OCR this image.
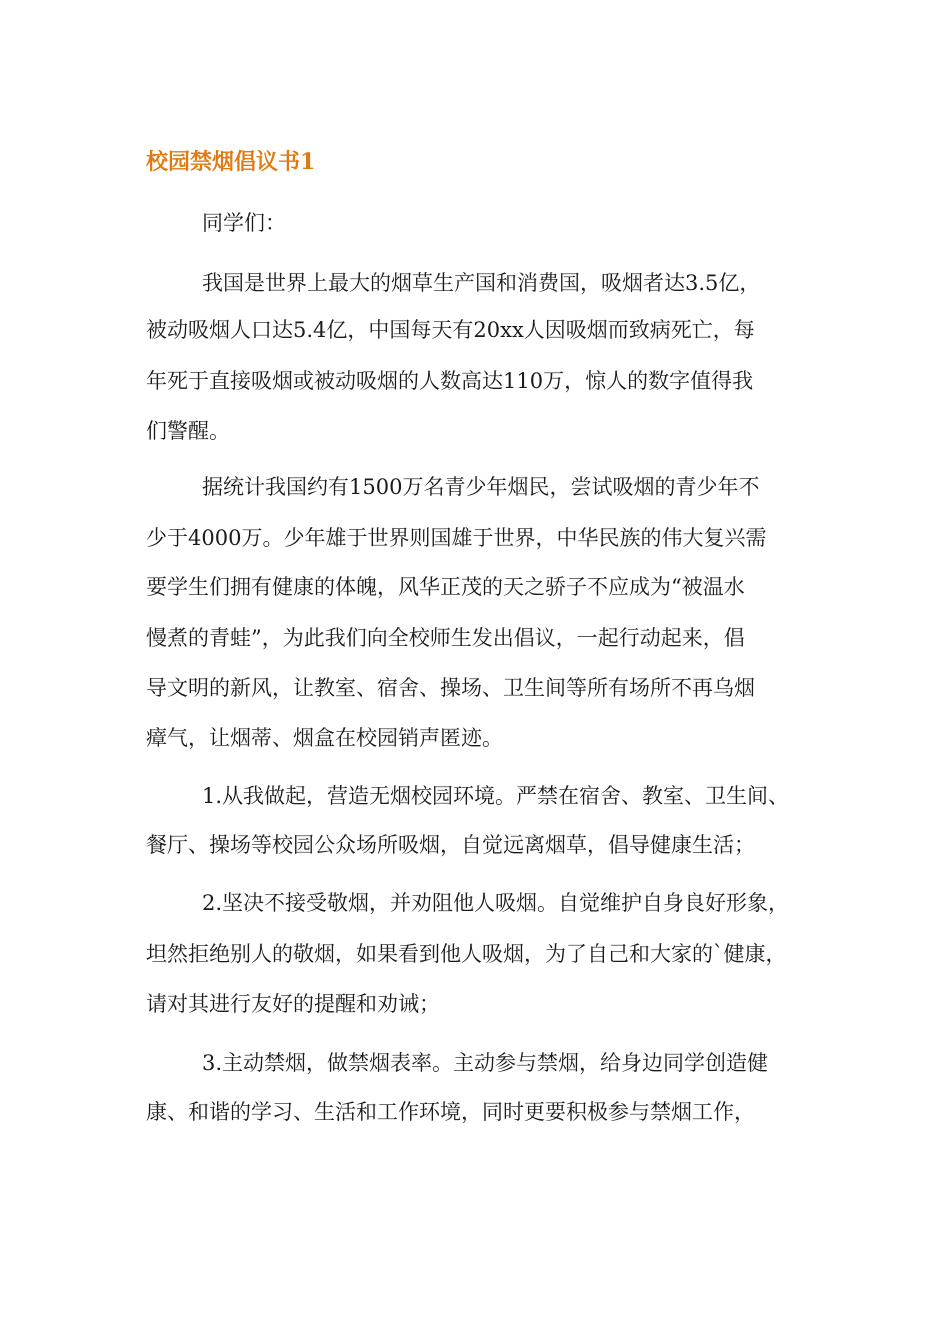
校园禁烟倡议书1
同学们：
我国是世界上最大的烟草生产国和消费国，吸烟者达3.5亿，
被动吸烟人口达5.4亿，中国每天有20xx人因吸烟而致病死亡，每
年死于直接吸烟或被动吸烟的人数高达110万，惊人的数字值得我
们警醒。
据统计我国约有1500万名青少年烟民，尝试吸烟的青少年不
少于4000万。少年雄于世界则国雄于世界，中华民族的伟大复兴需
要学生们拥有健康的体魄，风华正茂的天之骄子不应成为“被温水
慢煮的青蛙”，为此我们向全校师生发出倡议，一起行动起来，倡
导文明的新风，让教室、宿舍、操场、卫生间等所有场所不再乌烟
瘴气，让烟蒂、烟盒在校园销声匿迹。
1.从我做起，营造无烟校园环境。严禁在宿舍、教室、卫生间、
餐厅、操场等校园公众场所吸烟，自觉远离烟草，倡导健康生活；
2.坚决不接受敬烟，并劝阻他人吸烟。自觉维护自身良好形象，
坦然拒绝别人的敬烟，如果看到他人吸烟，为了自己和大家的`健康，
请对其进行友好的提醒和劝诫；
3.主动禁烟，做禁烟表率。主动参与禁烟，给身边同学创造健
康、和谐的学习、生活和工作环境，同时更要积极参与禁烟工作，
